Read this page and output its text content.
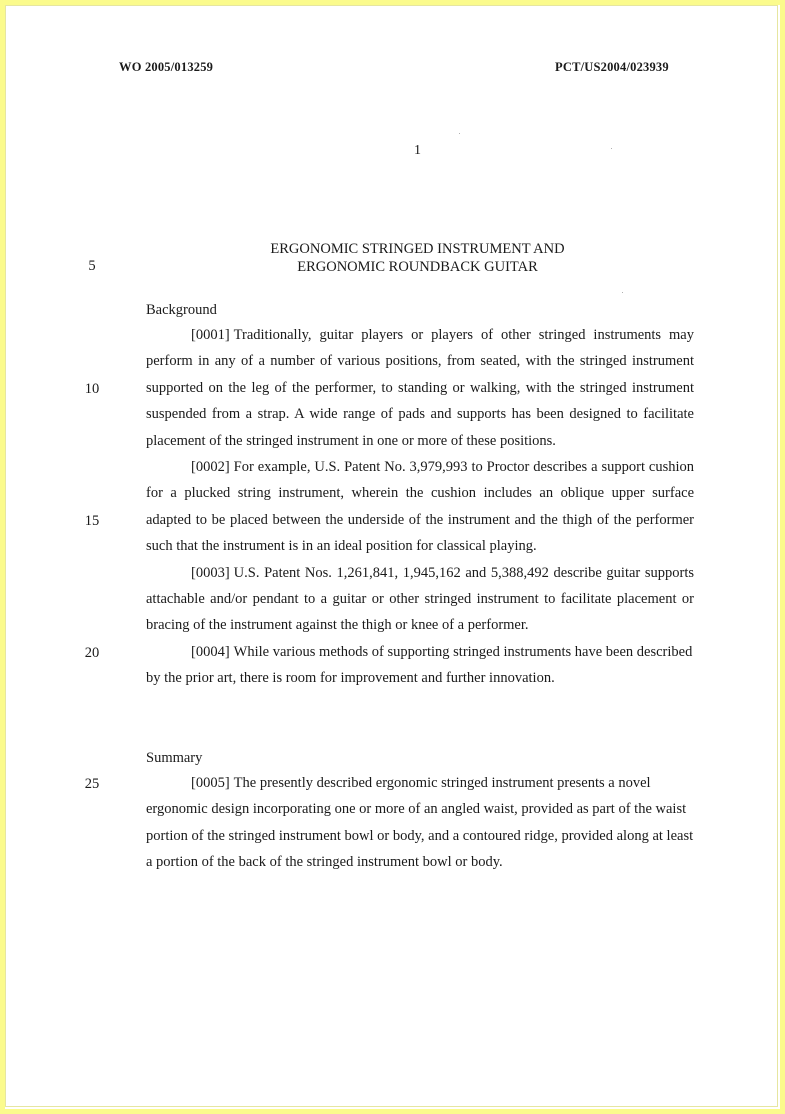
WO 2005/013259	PCT/US2004/023939
1
ERGONOMIC STRINGED INSTRUMENT AND
ERGONOMIC ROUNDBACK GUITAR
5
10
15
20
25
Background

[0001] Traditionally, guitar players or players of other stringed instruments may perform in any of a number of various positions, from seated, with the stringed instrument supported on the leg of the performer, to standing or walking, with the stringed instrument suspended from a strap. A wide range of pads and supports has been designed to facilitate placement of the stringed instrument in one or more of these positions.

[0002] For example, U.S. Patent No. 3,979,993 to Proctor describes a support cushion for a plucked string instrument, wherein the cushion includes an oblique upper surface adapted to be placed between the underside of the instrument and the thigh of the performer such that the instrument is in an ideal position for classical playing.

[0003] U.S. Patent Nos. 1,261,841, 1,945,162 and 5,388,492 describe guitar supports attachable and/or pendant to a guitar or other stringed instrument to facilitate placement or bracing of the instrument against the thigh or knee of a performer.

[0004] While various methods of supporting stringed instruments have been described by the prior art, there is room for improvement and further innovation.

Summary

[0005] The presently described ergonomic stringed instrument presents a novel ergonomic design incorporating one or more of an angled waist, provided as part of the waist portion of the stringed instrument bowl or body, and a contoured ridge, provided along at least a portion of the back of the stringed instrument bowl or body.
